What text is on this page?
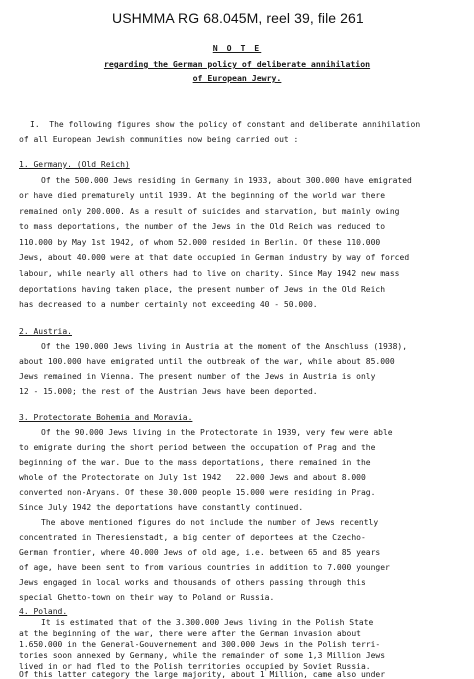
USHMMA RG 68.045M, reel 39, file 261
N O T E
regarding the German policy of deliberate annihilation
of European Jewry.
I.  The following figures show the policy of constant and deliberate annihilation
of all European Jewish communities now being carried out :
1. Germany. (Old Reich)
Of the 500.000 Jews residing in Germany in 1933, about 300.000 have emigrated
or have died prematurely until 1939. At the beginning of the world war there
remained only 200.000. As a result of suicides and starvation, but mainly owing
to mass deportations, the number of the Jews in the Old Reich was reduced to
110.000 by May 1st 1942, of whom 52.000 resided in Berlin. Of these 110.000
Jews, about 40.000 were at that date occupied in German industry by way of forced
labour, while nearly all others had to live on charity. Since May 1942 new mass
deportations having taken place, the present number of Jews in the Old Reich
has decreased to a number certainly not exceeding 40 - 50.000.
2. Austria.
Of the 190.000 Jews living in Austria at the moment of the Anschluss (1938),
about 100.000 have emigrated until the outbreak of the war, while about 85.000
Jews remained in Vienna. The present number of the Jews in Austria is only
12 - 15.000; the rest of the Austrian Jews have been deported.
3. Protectorate Bohemia and Moravia.
Of the 90.000 Jews living in the Protectorate in 1939, very few were able
to emigrate during the short period between the occupation of Prag and the
beginning of the war. Due to the mass deportations, there remained in the
whole of the Protectorate on July 1st 1942   22.000 Jews and about 8.000
converted non-Aryans. Of these 30.000 people 15.000 were residing in Prag.
Since July 1942 the deportations have constantly continued.
The above mentioned figures do not include the number of Jews recently
concentrated in Theresienstadt, a big center of deportees at the Czecho-
German frontier, where 40.000 Jews of old age, i.e. between 65 and 85 years
of age, have been sent to from various countries in addition to 7.000 younger
Jews engaged in local works and thousands of others passing through this
special Ghetto-town on their way to Poland or Russia.
4. Poland.
It is estimated that of the 3.300.000 Jews living in the Polish State
at the beginning of the war, there were after the German invasion about
1.650.000 in the General-Gouvernement and 300.000 Jews in the Polish terri-
tories soon annexed by Germany, while the remainder of some 1,3 Million Jews
lived in or had fled to the Polish territories occupied by Soviet Russia.
Of this latter category the large majority, about 1 Million, came also under
